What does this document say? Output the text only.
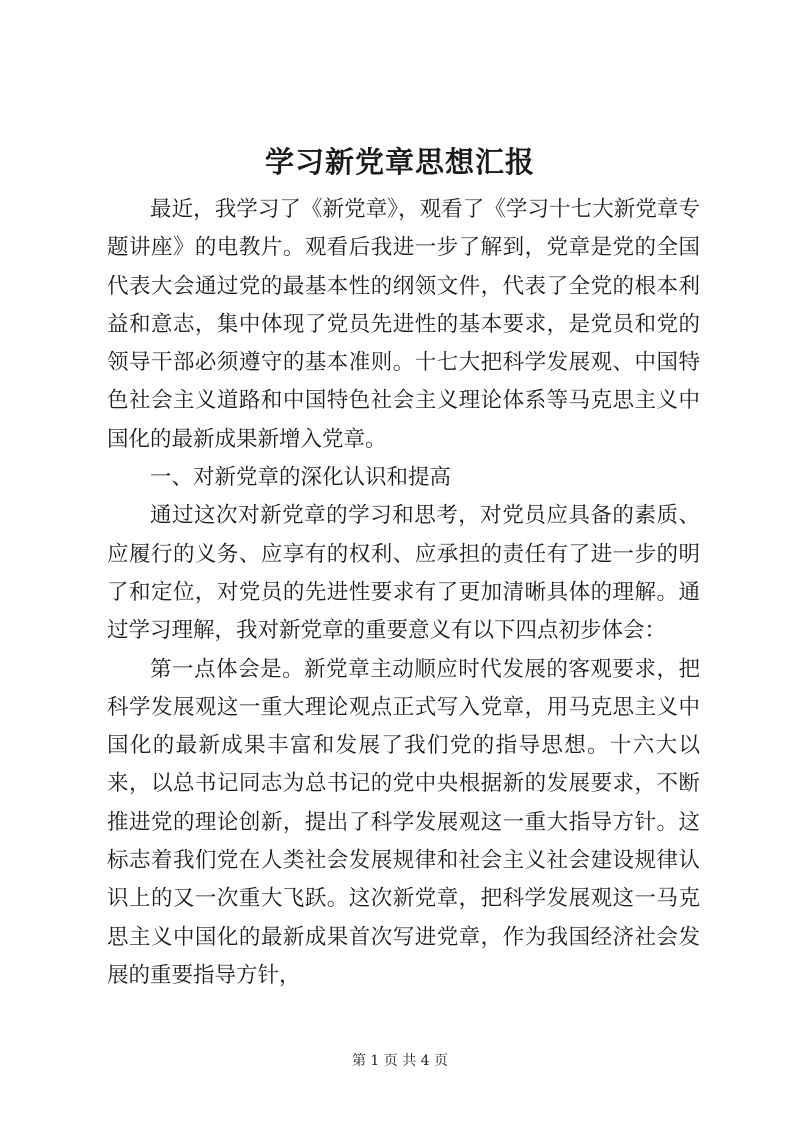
学习新党章思想汇报

最近，我学习了《新党章》，观看了《学习十七大新党章专题讲座》的电教片。观看后我进一步了解到，党章是党的全国代表大会通过党的最基本性的纲领文件，代表了全党的根本利益和意志，集中体现了党员先进性的基本要求，是党员和党的领导干部必须遵守的基本准则。十七大把科学发展观、中国特色社会主义道路和中国特色社会主义理论体系等马克思主义中国化的最新成果新增入党章。

一、对新党章的深化认识和提高

通过这次对新党章的学习和思考，对党员应具备的素质、应履行的义务、应享有的权利、应承担的责任有了进一步的明了和定位，对党员的先进性要求有了更加清晰具体的理解。通过学习理解，我对新党章的重要意义有以下四点初步体会：

第一点体会是。新党章主动顺应时代发展的客观要求，把科学发展观这一重大理论观点正式写入党章，用马克思主义中国化的最新成果丰富和发展了我们党的指导思想。十六大以来，以总书记同志为总书记的党中央根据新的发展要求，不断推进党的理论创新，提出了科学发展观这一重大指导方针。这标志着我们党在人类社会发展规律和社会主义社会建设规律认识上的又一次重大飞跃。这次新党章，把科学发展观这一马克思主义中国化的最新成果首次写进党章，作为我国经济社会发展的重要指导方针，

第 1 页 共 4 页
